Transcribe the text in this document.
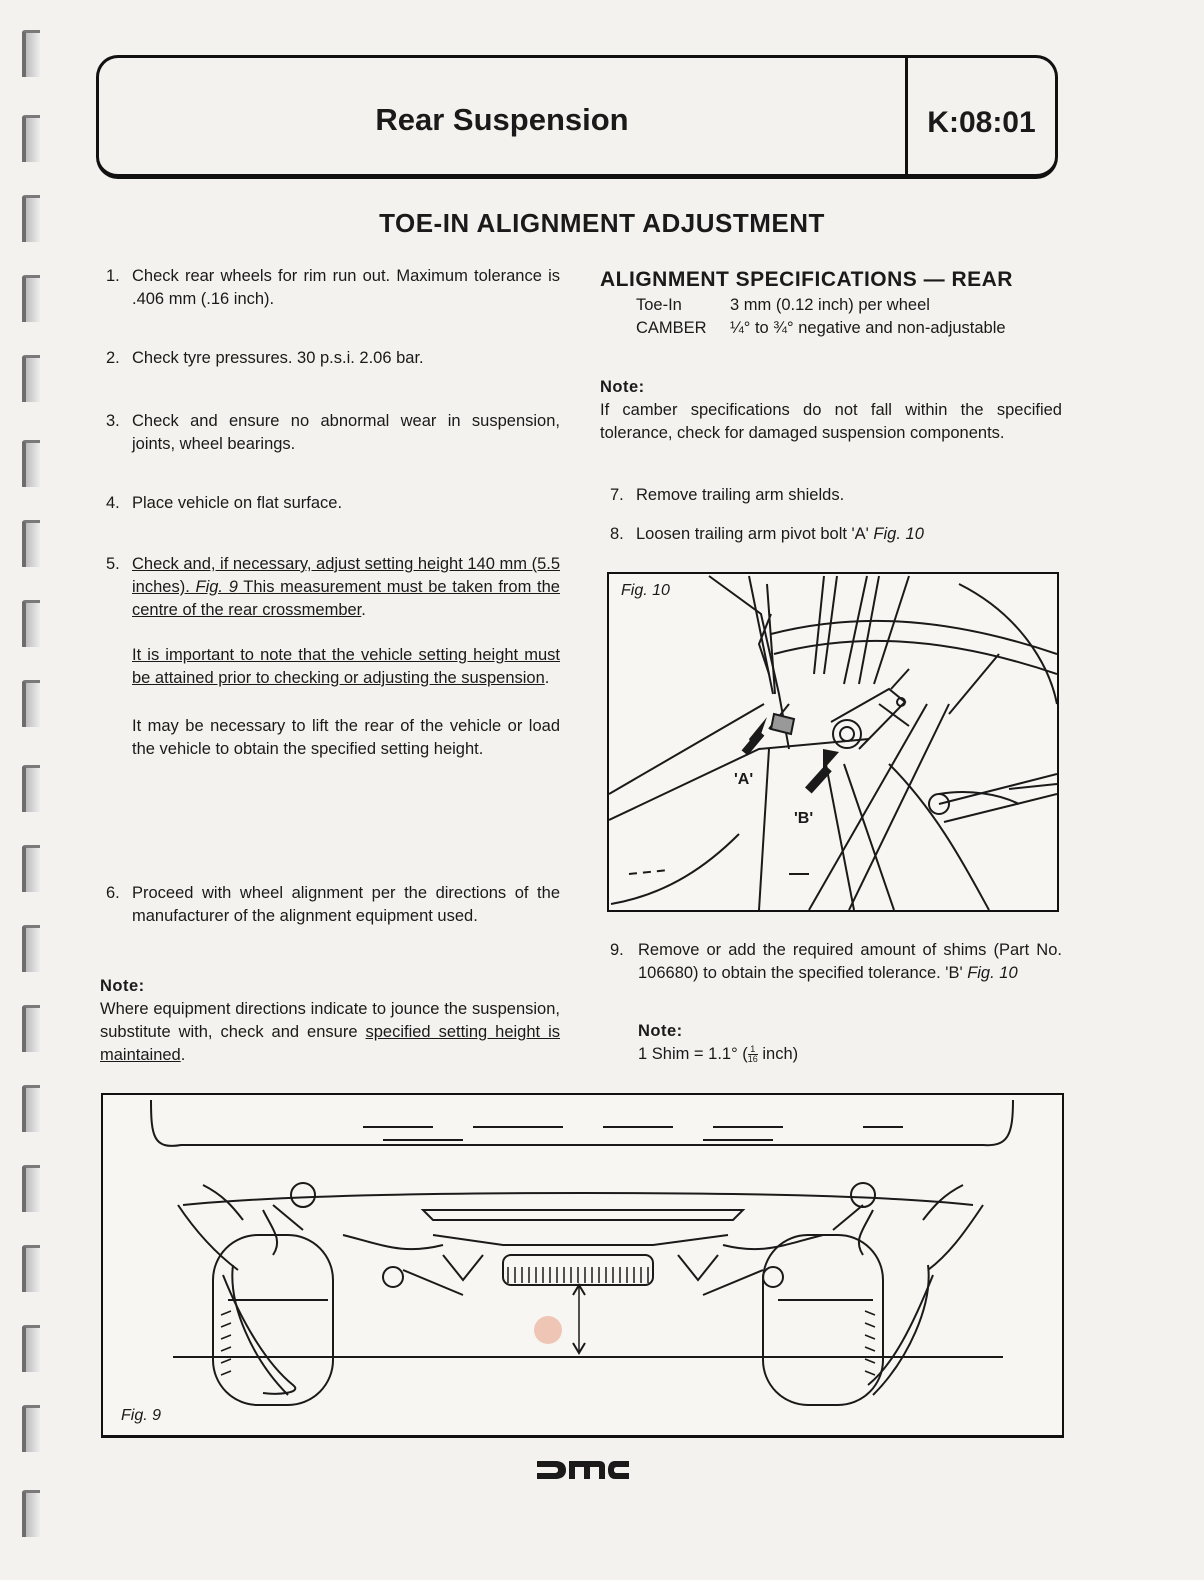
Rear Suspension	K:08:01
TOE-IN ALIGNMENT ADJUSTMENT
1. Check rear wheels for rim run out. Maximum tolerance is .406 mm (.16 inch).
2. Check tyre pressures. 30 p.s.i. 2.06 bar.
3. Check and ensure no abnormal wear in suspension, joints, wheel bearings.
4. Place vehicle on flat surface.
5. Check and, if necessary, adjust setting height 140 mm (5.5 inches). Fig. 9 This measurement must be taken from the centre of the rear crossmember.
It is important to note that the vehicle setting height must be attained prior to checking or adjusting the suspension.
It may be necessary to lift the rear of the vehicle or load the vehicle to obtain the specified setting height.
6. Proceed with wheel alignment per the directions of the manufacturer of the alignment equipment used.
Note:
Where equipment directions indicate to jounce the suspension, substitute with, check and ensure specified setting height is maintained.
ALIGNMENT SPECIFICATIONS — REAR
Toe-In	3 mm (0.12 inch) per wheel
CAMBER ¼° to ¾° negative and non-adjustable
Note:
If camber specifications do not fall within the specified tolerance, check for damaged suspension components.
7. Remove trailing arm shields.
8. Loosen trailing arm pivot bolt 'A' Fig. 10
9. Remove or add the required amount of shims (Part No. 106680) to obtain the specified tolerance. 'B' Fig. 10
Note:
1 Shim = 1.1° ( $\frac{1}{16}$ inch)
Fig. 10
'A'
'B'
Fig. 9
